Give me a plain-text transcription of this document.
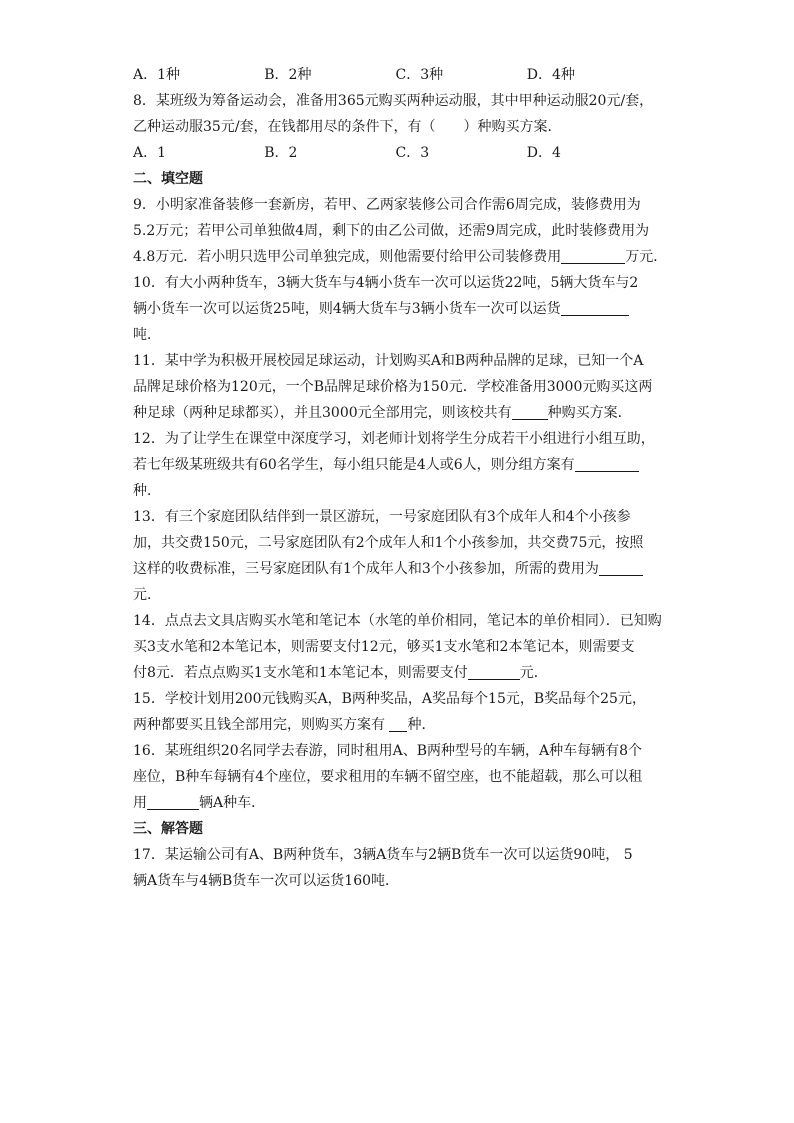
A．1种	B．2种	C．3种	D．4种
8．某班级为筹备运动会，准备用365元购买两种运动服，其中甲种运动服20元/套，
乙种运动服35元/套，在钱都用尽的条件下，有（　　）种购买方案．
A．1	B．2	C．3	D．4
二、填空题
9．小明家准备装修一套新房，若甲、乙两家装修公司合作需6周完成，装修费用为
5.2万元；若甲公司单独做4周，剩下的由乙公司做，还需9周完成，此时装修费用为
4.8万元．若小明只选甲公司单独完成，则他需要付给甲公司装修费用	万元．
10．有大小两种货车，3辆大货车与4辆小货车一次可以运货22吨，5辆大货车与2
辆小货车一次可以运货25吨，则4辆大货车与3辆小货车一次可以运货
吨．
11．某中学为积极开展校园足球运动，计划购买A和B两种品牌的足球，已知一个A
品牌足球价格为120元，一个B品牌足球价格为150元．学校准备用3000元购买这两
种足球（两种足球都买），并且3000元全部用完，则该校共有	种购买方案．
12．为了让学生在课堂中深度学习，刘老师计划将学生分成若干小组进行小组互助，
若七年级某班级共有60名学生，每小组只能是4人或6人，则分组方案有
种．
13．有三个家庭团队结伴到一景区游玩，一号家庭团队有3个成年人和4个小孩参
加，共交费150元，二号家庭团队有2个成年人和1个小孩参加，共交费75元，按照
这样的收费标准，三号家庭团队有1个成年人和3个小孩参加，所需的费用为
元．
14．点点去文具店购买水笔和笔记本（水笔的单价相同，笔记本的单价相同）．已知购
买3支水笔和2本笔记本，则需要支付12元，够买1支水笔和2本笔记本，则需要支
付8元．若点点购买1支水笔和1本笔记本，则需要支付	元．
15．学校计划用200元钱购买A，B两种奖品，A奖品每个15元，B奖品每个25元，
两种都要买且钱全部用完，则购买方案有 种．
16．某班组织20名同学去春游，同时租用A、B两种型号的车辆，A种车每辆有8个
座位，B种车每辆有4个座位，要求租用的车辆不留空座，也不能超载，那么可以租
用	辆A种车．
三、解答题
17．某运输公司有A、B两种货车，3辆A货车与2辆B货车一次可以运货90吨， 5
辆A货车与4辆B货车一次可以运货160吨．
